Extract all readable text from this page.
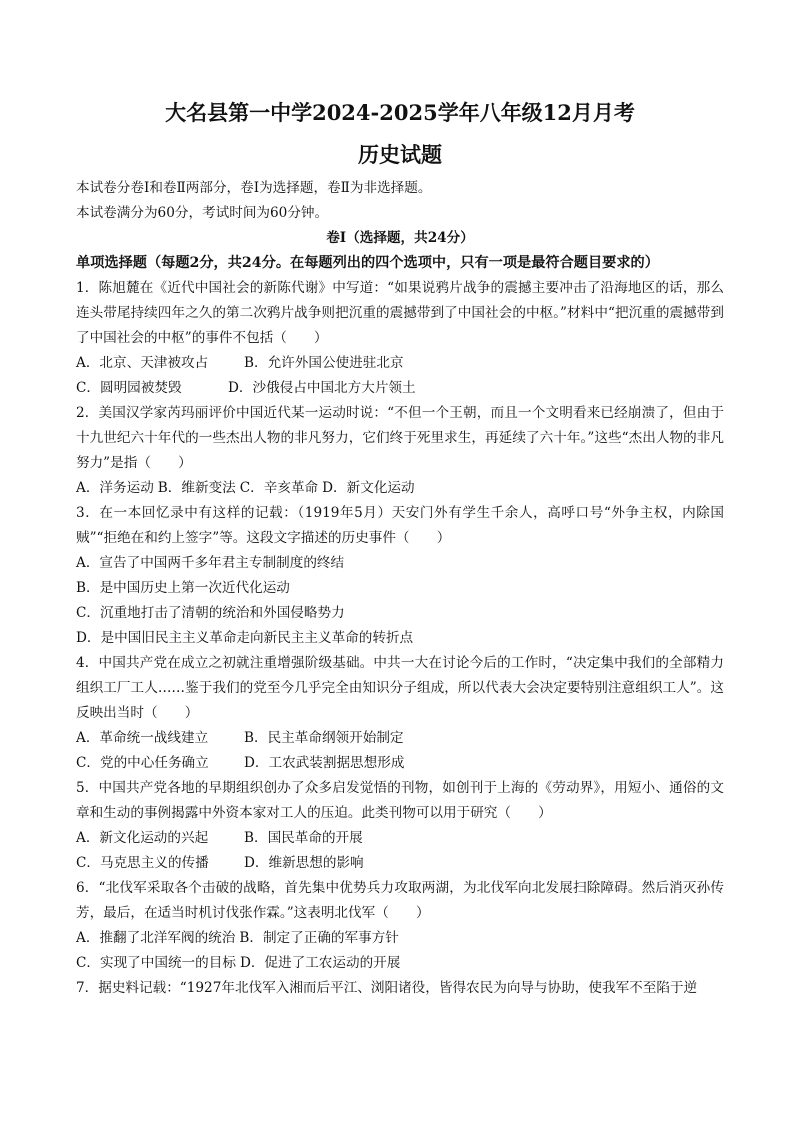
大名县第一中学2024-2025学年八年级12月月考
历史试题

本试卷分卷Ⅰ和卷Ⅱ两部分，卷Ⅰ为选择题，卷Ⅱ为非选择题。

本试卷满分为60分，考试时间为60分钟。

卷Ⅰ（选择题，共24分）

单项选择题（每题2分，共24分。在每题列出的四个选项中，只有一项是最符合题目要求的）

1．陈旭麓在《近代中国社会的新陈代谢》中写道：“如果说鸦片战争的震撼主要冲击了沿海地区的话，那么连头带尾持续四年之久的第二次鸦片战争则把沉重的震撼带到了中国社会的中枢。”材料中“把沉重的震撼带到了中国社会的中枢”的事件不包括（　　）

A．北京、天津被攻占	B．允许外国公使进驻北京
C．圆明园被焚毁	D．沙俄侵占中国北方大片领土

2．美国汉学家芮玛丽评价中国近代某一运动时说：“不但一个王朝，而且一个文明看来已经崩溃了，但由于十九世纪六十年代的一些杰出人物的非凡努力，它们终于死里求生，再延续了六十年。”这些“杰出人物的非凡努力”是指（　　）

A．洋务运动 B．维新变法 C．辛亥革命 D．新文化运动

3．在一本回忆录中有这样的记载：（1919年5月）天安门外有学生千余人，高呼口号“外争主权，内除国贼”“拒绝在和约上签字”等。这段文字描述的历史事件（　　）

A．宣告了中国两千多年君主专制制度的终结

B．是中国历史上第一次近代化运动

C．沉重地打击了清朝的统治和外国侵略势力

D．是中国旧民主主义革命走向新民主主义革命的转折点

4．中国共产党在成立之初就注重增强阶级基础。中共一大在讨论今后的工作时，“决定集中我们的全部精力组织工厂工人……鉴于我们的党至今几乎完全由知识分子组成，所以代表大会决定要特别注意组织工人”。这反映出当时（　　）

A．革命统一战线建立	B．民主革命纲领开始制定
C．党的中心任务确立	D．工农武装割据思想形成

5．中国共产党各地的早期组织创办了众多启发觉悟的刊物，如创刊于上海的《劳动界》，用短小、通俗的文章和生动的事例揭露中外资本家对工人的压迫。此类刊物可以用于研究（　　）

A．新文化运动的兴起	B．国民革命的开展
C．马克思主义的传播	D．维新思想的影响

6．“北伐军采取各个击破的战略，首先集中优势兵力攻取两湖，为北伐军向北发展扫除障碍。然后消灭孙传芳，最后，在适当时机讨伐张作霖。”这表明北伐军（　　）

A．推翻了北洋军阀的统治 B．制定了正确的军事方针
C．实现了中国统一的目标 D．促进了工农运动的开展

7．据史料记载：“1927年北伐军入湘而后平江、浏阳诸役，皆得农民为向导与协助，使我军不至陷于逆
